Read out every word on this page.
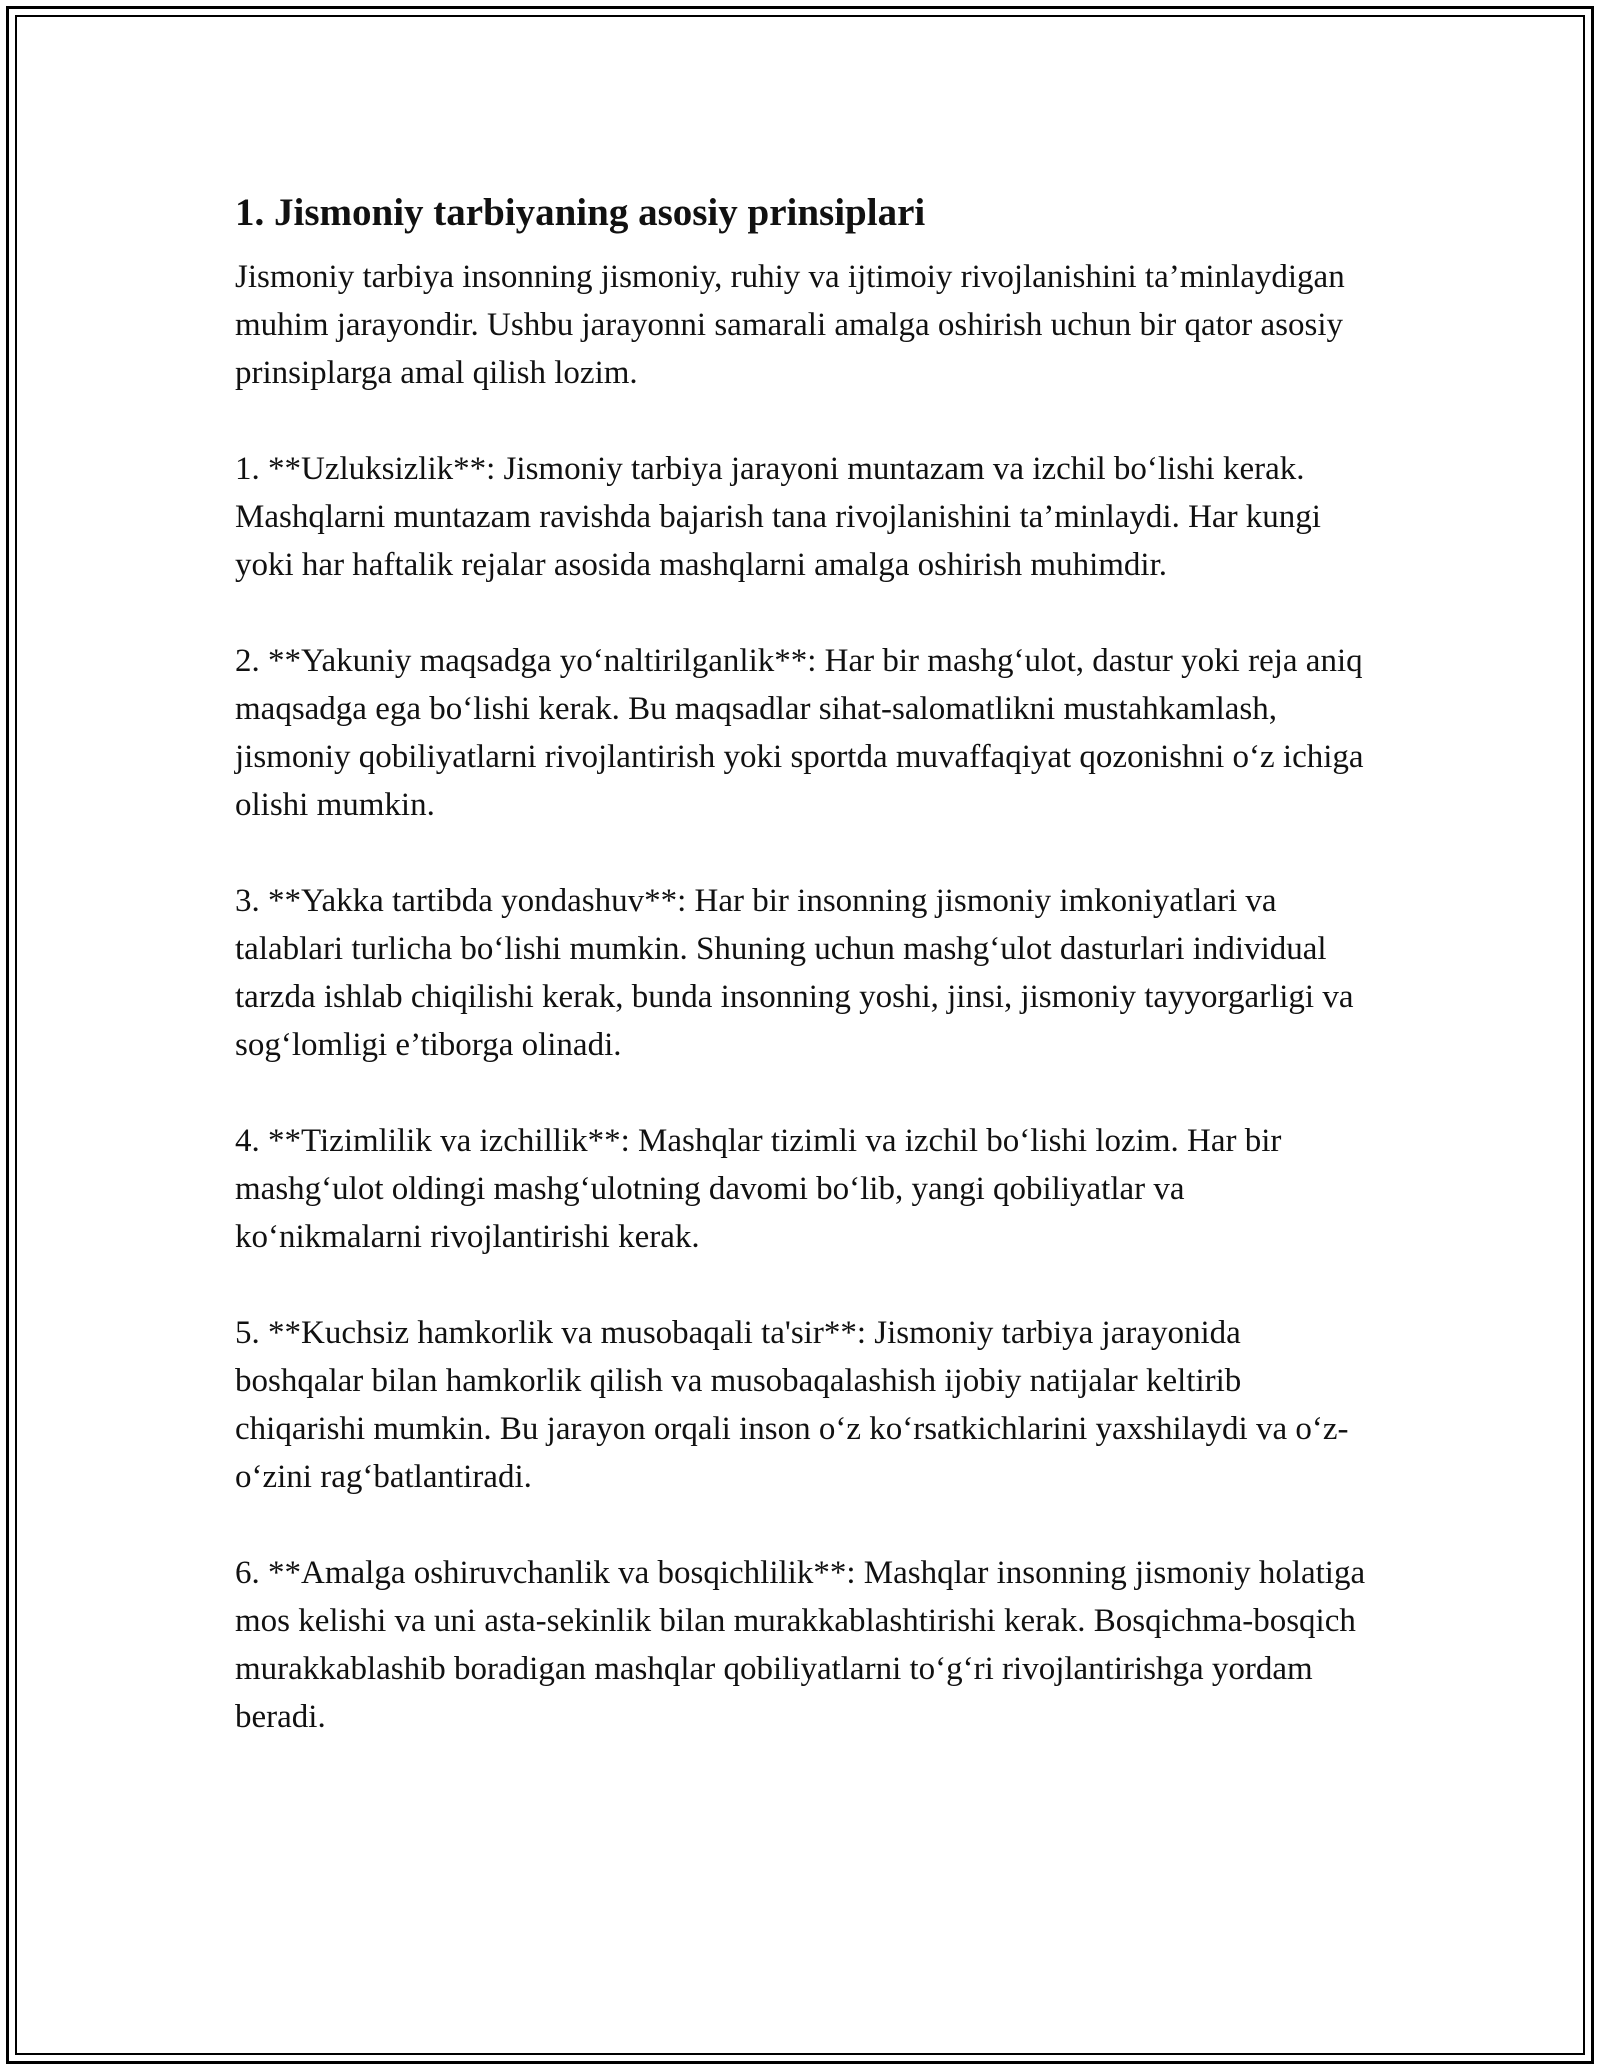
1. Jismoniy tarbiyaning asosiy prinsiplari

Jismoniy tarbiya insonning jismoniy, ruhiy va ijtimoiy rivojlanishini ta’minlaydigan muhim jarayondir. Ushbu jarayonni samarali amalga oshirish uchun bir qator asosiy prinsiplarga amal qilish lozim.

1. **Uzluksizlik**: Jismoniy tarbiya jarayoni muntazam va izchil bo‘lishi kerak. Mashqlarni muntazam ravishda bajarish tana rivojlanishini ta’minlaydi. Har kungi yoki har haftalik rejalar asosida mashqlarni amalga oshirish muhimdir.

2. **Yakuniy maqsadga yo‘naltirilganlik**: Har bir mashg‘ulot, dastur yoki reja aniq maqsadga ega bo‘lishi kerak. Bu maqsadlar sihat-salomatlikni mustahkamlash, jismoniy qobiliyatlarni rivojlantirish yoki sportda muvaffaqiyat qozonishni o‘z ichiga olishi mumkin.

3. **Yakka tartibda yondashuv**: Har bir insonning jismoniy imkoniyatlari va talablari turlicha bo‘lishi mumkin. Shuning uchun mashg‘ulot dasturlari individual tarzda ishlab chiqilishi kerak, bunda insonning yoshi, jinsi, jismoniy tayyorgarligi va sog‘lomligi e’tiborga olinadi.

4. **Tizimlilik va izchillik**: Mashqlar tizimli va izchil bo‘lishi lozim. Har bir mashg‘ulot oldingi mashg‘ulotning davomi bo‘lib, yangi qobiliyatlar va ko‘nikmalarni rivojlantirishi kerak.

5. **Kuchsiz hamkorlik va musobaqali ta'sir**: Jismoniy tarbiya jarayonida boshqalar bilan hamkorlik qilish va musobaqalashish ijobiy natijalar keltirib chiqarishi mumkin. Bu jarayon orqali inson o‘z ko‘rsatkichlarini yaxshilaydi va o‘z-o‘zini rag‘batlantiradi.

6. **Amalga oshiruvchanlik va bosqichlilik**: Mashqlar insonning jismoniy holatiga mos kelishi va uni asta-sekinlik bilan murakkablashtirishi kerak. Bosqichma-bosqich murakkablashib boradigan mashqlar qobiliyatlarni to‘g‘ri rivojlantirishga yordam beradi.
